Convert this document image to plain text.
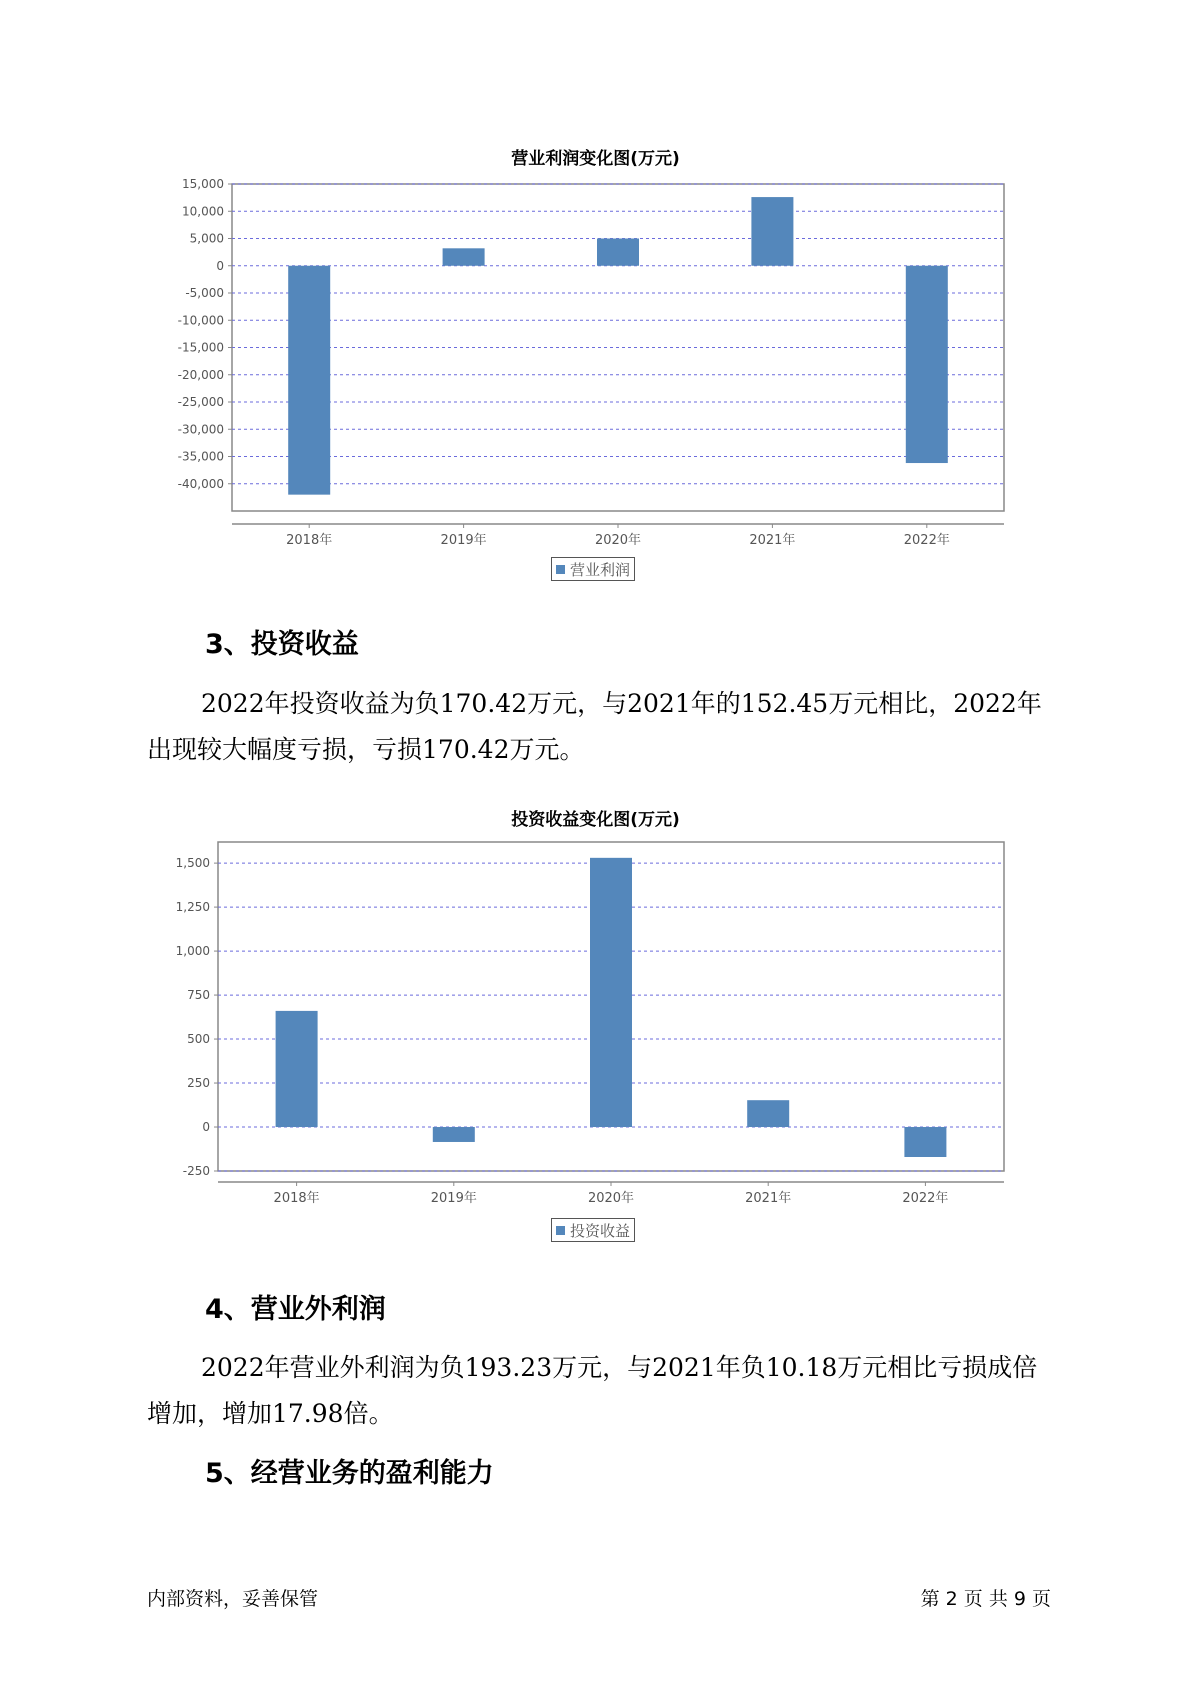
营业利润变化图(万元)
15,000
10,000
5,000
0
-5,000
-10,000
-15,000
-20,000
-25,000
-30,000
-35,000
-40,000
2018年	2019年	2020年	2021年	2022年
营业利润
3、投资收益

2022年投资收益为负170.42万元，与2021年的152.45万元相比，2022年出现较大幅度亏损，亏损170.42万元。

投资收益变化图(万元)
1,500
1,250
1,000
750
500
250
0
-250
2018年	2019年	2020年	2021年	2022年
投资收益
4、营业外利润

2022年营业外利润为负193.23万元，与2021年负10.18万元相比亏损成倍增加，增加17.98倍。

5、经营业务的盈利能力
内部资料，妥善保管	第 2 页 共 9 页
